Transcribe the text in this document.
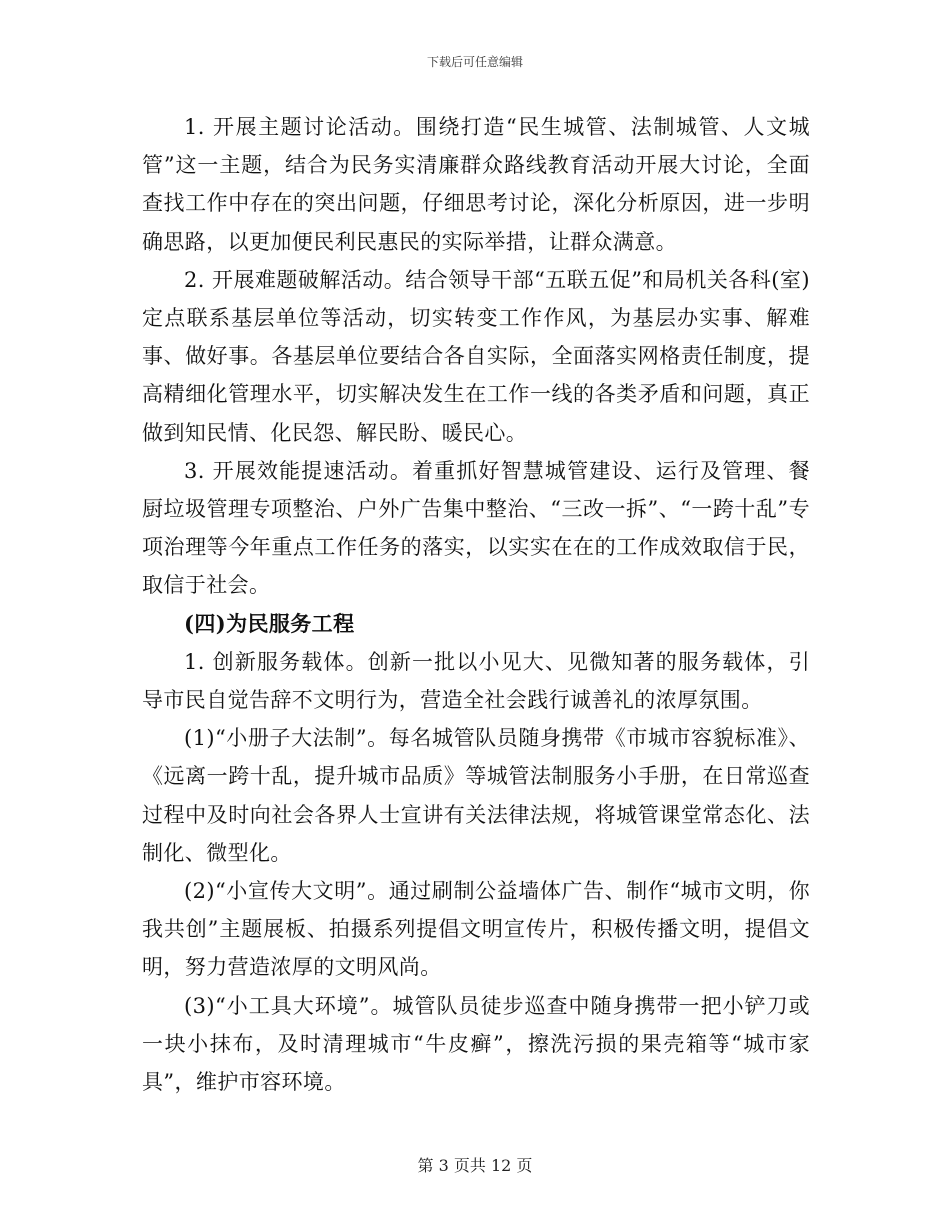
下载后可任意编辑

1. 开展主题讨论活动。围绕打造“民生城管、法制城管、人文城管”这一主题，结合为民务实清廉群众路线教育活动开展大讨论，全面查找工作中存在的突出问题，仔细思考讨论，深化分析原因，进一步明确思路，以更加便民利民惠民的实际举措，让群众满意。

2. 开展难题破解活动。结合领导干部“五联五促”和局机关各科(室)定点联系基层单位等活动，切实转变工作作风，为基层办实事、解难事、做好事。各基层单位要结合各自实际，全面落实网格责任制度，提高精细化管理水平，切实解决发生在工作一线的各类矛盾和问题，真正做到知民情、化民怨、解民盼、暖民心。

3. 开展效能提速活动。着重抓好智慧城管建设、运行及管理、餐厨垃圾管理专项整治、户外广告集中整治、“三改一拆”、“一跨十乱”专项治理等今年重点工作任务的落实，以实实在在的工作成效取信于民，取信于社会。

(四)为民服务工程

1. 创新服务载体。创新一批以小见大、见微知著的服务载体，引导市民自觉告辞不文明行为，营造全社会践行诚善礼的浓厚氛围。

(1)“小册子大法制”。每名城管队员随身携带《市城市容貌标准》、《远离一跨十乱，提升城市品质》等城管法制服务小手册，在日常巡查过程中及时向社会各界人士宣讲有关法律法规，将城管课堂常态化、法制化、微型化。

(2)“小宣传大文明”。通过刷制公益墙体广告、制作“城市文明，你我共创”主题展板、拍摄系列提倡文明宣传片，积极传播文明，提倡文明，努力营造浓厚的文明风尚。

(3)“小工具大环境”。城管队员徒步巡查中随身携带一把小铲刀或一块小抹布，及时清理城市“牛皮癣”，擦洗污损的果壳箱等“城市家具”，维护市容环境。

第 3 页共 12 页
